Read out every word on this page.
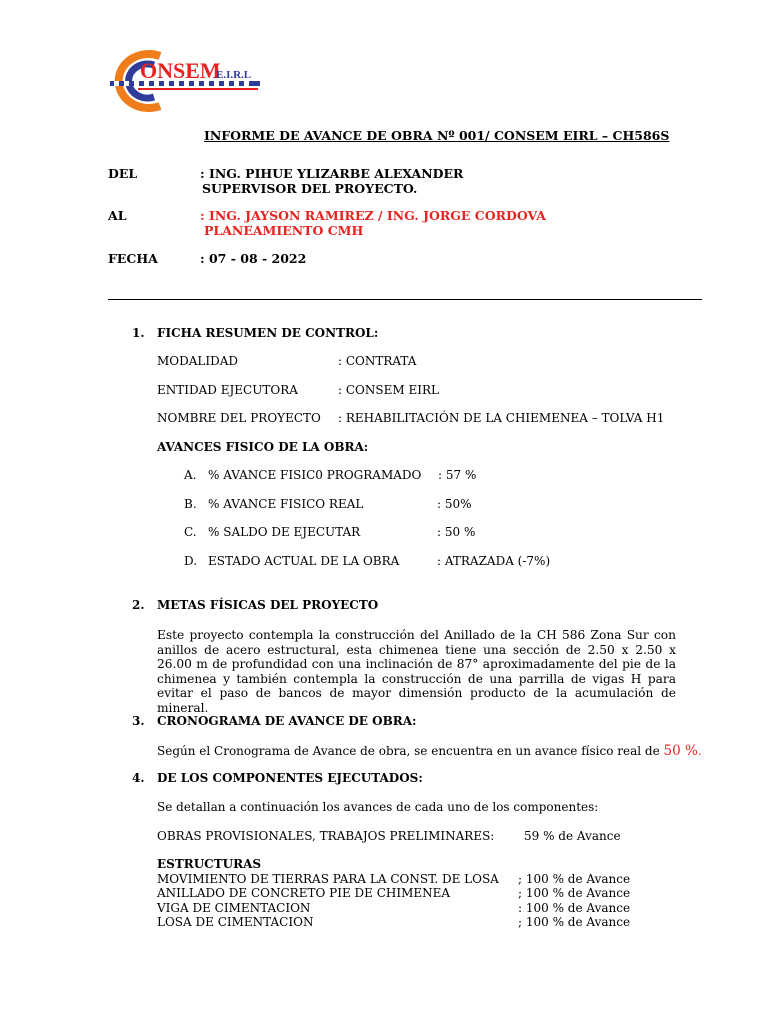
ONSEM
E.I.R.L
INFORME DE AVANCE DE OBRA Nº 001/ CONSEM EIRL – CH586S
DEL	: ING. PIHUE YLIZARBE ALEXANDER
SUPERVISOR DEL PROYECTO.
AL	: ING. JAYSON RAMIREZ / ING. JORGE CORDOVA
PLANEAMIENTO CMH
FECHA	: 07 - 08 - 2022
1. FICHA RESUMEN DE CONTROL:
MODALIDAD	: CONTRATA
ENTIDAD EJECUTORA	: CONSEM EIRL
NOMBRE DEL PROYECTO : REHABILITACIÓN DE LA CHIEMENEA – TOLVA H1
AVANCES FISICO DE LA OBRA:
A. % AVANCE FISIC0 PROGRAMADO : 57 %
B. % AVANCE FISICO REAL	: 50%
C. % SALDO DE EJECUTAR	: 50 %
D. ESTADO ACTUAL DE LA OBRA	: ATRAZADA (-7%)
2. METAS FÍSICAS DEL PROYECTO
Este proyecto contempla la construcción del Anillado de la CH 586 Zona Sur con anillos de acero estructural, esta chimenea tiene una sección de 2.50 x 2.50 x 26.00 m de profundidad con una inclinación de 87° aproximadamente del pie de la chimenea y también contempla la construcción de una parrilla de vigas H para evitar el paso de bancos de mayor dimensión producto de la acumulación de mineral.
3. CRONOGRAMA DE AVANCE DE OBRA:
Según el Cronograma de Avance de obra, se encuentra en un avance físico real de 50 %.
4. DE LOS COMPONENTES EJECUTADOS:
Se detallan a continuación los avances de cada uno de los componentes:
OBRAS PROVISIONALES, TRABAJOS PRELIMINARES: 59 % de Avance
ESTRUCTURAS
MOVIMIENTO DE TIERRAS PARA LA CONST. DE LOSA ; 100 % de Avance
ANILLADO DE CONCRETO PIE DE CHIMENEA	; 100 % de Avance
VIGA DE CIMENTACION	: 100 % de Avance
LOSA DE CIMENTACION	; 100 % de Avance
